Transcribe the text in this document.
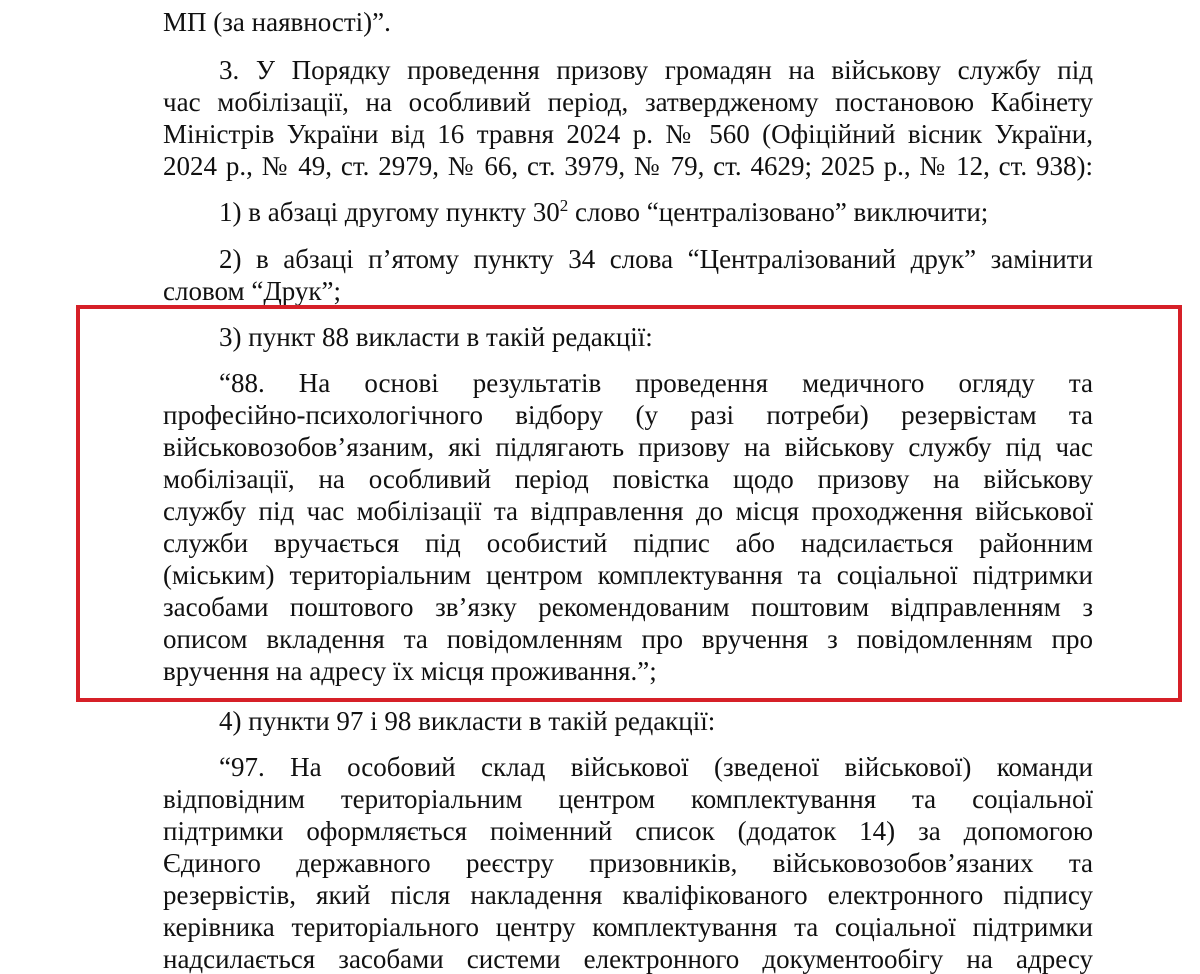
МП (за наявності)”.
3. У Порядку проведення призову громадян на військову службу під
час мобілізації, на особливий період, затвердженому постановою Кабінету
Міністрів України від 16 травня 2024 р. № 560 (Офіційний вісник України,
2024 р., № 49, ст. 2979, № 66, ст. 3979, № 79, ст. 4629; 2025 р., № 12, ст. 938):
1) в абзаці другому пункту $30^2$ слово “централізовано” виключити;
2) в абзаці п’ятому пункту 34 слова “Централізований друк” замінити
словом “Друк”;
3) пункт 88 викласти в такій редакції:
“88. На основі результатів проведення медичного огляду та
професійно-психологічного відбору (у разі потреби) резервістам та
військовозобов’язаним, які підлягають призову на військову службу під час
мобілізації, на особливий період повістка щодо призову на військову
службу під час мобілізації та відправлення до місця проходження військової
служби вручається під особистий підпис або надсилається районним
(міським) територіальним центром комплектування та соціальної підтримки
засобами поштового зв’язку рекомендованим поштовим відправленням з
описом вкладення та повідомленням про вручення з повідомленням про
вручення на адресу їх місця проживання.”;
4) пункти 97 і 98 викласти в такій редакції:
“97. На особовий склад військової (зведеної військової) команди
відповідним територіальним центром комплектування та соціальної
підтримки оформляється поіменний список (додаток 14) за допомогою
Єдиного державного реєстру призовників, військовозобов’язаних та
резервістів, який після накладення кваліфікованого електронного підпису
керівника територіального центру комплектування та соціальної підтримки
надсилається засобами системи електронного документообігу на адресу
